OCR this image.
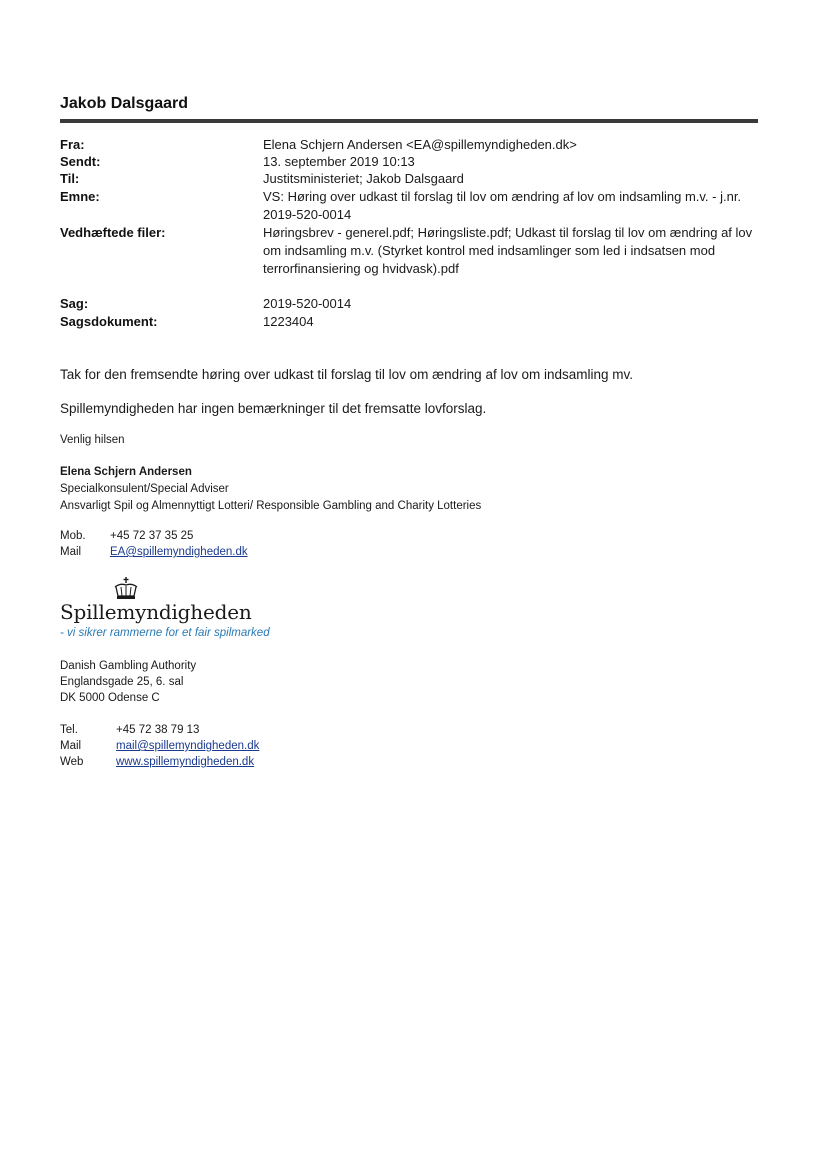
Jakob Dalsgaard
Fra:	Elena Schjern Andersen <EA@spillemyndigheden.dk>
Sendt:	13. september 2019 10:13
Til:	Justitsministeriet; Jakob Dalsgaard
Emne:	VS: Høring over udkast til forslag til lov om ændring af lov om indsamling m.v. - j.nr. 2019-520-0014
Vedhæftede filer:	Høringsbrev - generel.pdf; Høringsliste.pdf; Udkast til forslag til lov om ændring af lov om indsamling m.v. (Styrket kontrol med indsamlinger som led i indsatsen mod terrorfinansiering og hvidvask).pdf
Sag:	2019-520-0014
Sagsdokument:	1223404
Tak for den fremsendte høring over udkast til forslag til lov om ændring af lov om indsamling mv.
Spillemyndigheden har ingen bemærkninger til det fremsatte lovforslag.
Venlig hilsen
Elena Schjern Andersen
Specialkonsulent/Special Adviser
Ansvarligt Spil og Almennyttigt Lotteri/ Responsible Gambling and Charity Lotteries
Mob. +45 72 37 35 25
Mail	EA@spillemyndigheden.dk
Spillemyndigheden
- vi sikrer rammerne for et fair spilmarked
Danish Gambling Authority
Englandsgade 25, 6. sal
DK 5000 Odense C
Tel.	+45 72 38 79 13
Mail	mail@spillemyndigheden.dk
Web	www.spillemyndigheden.dk
